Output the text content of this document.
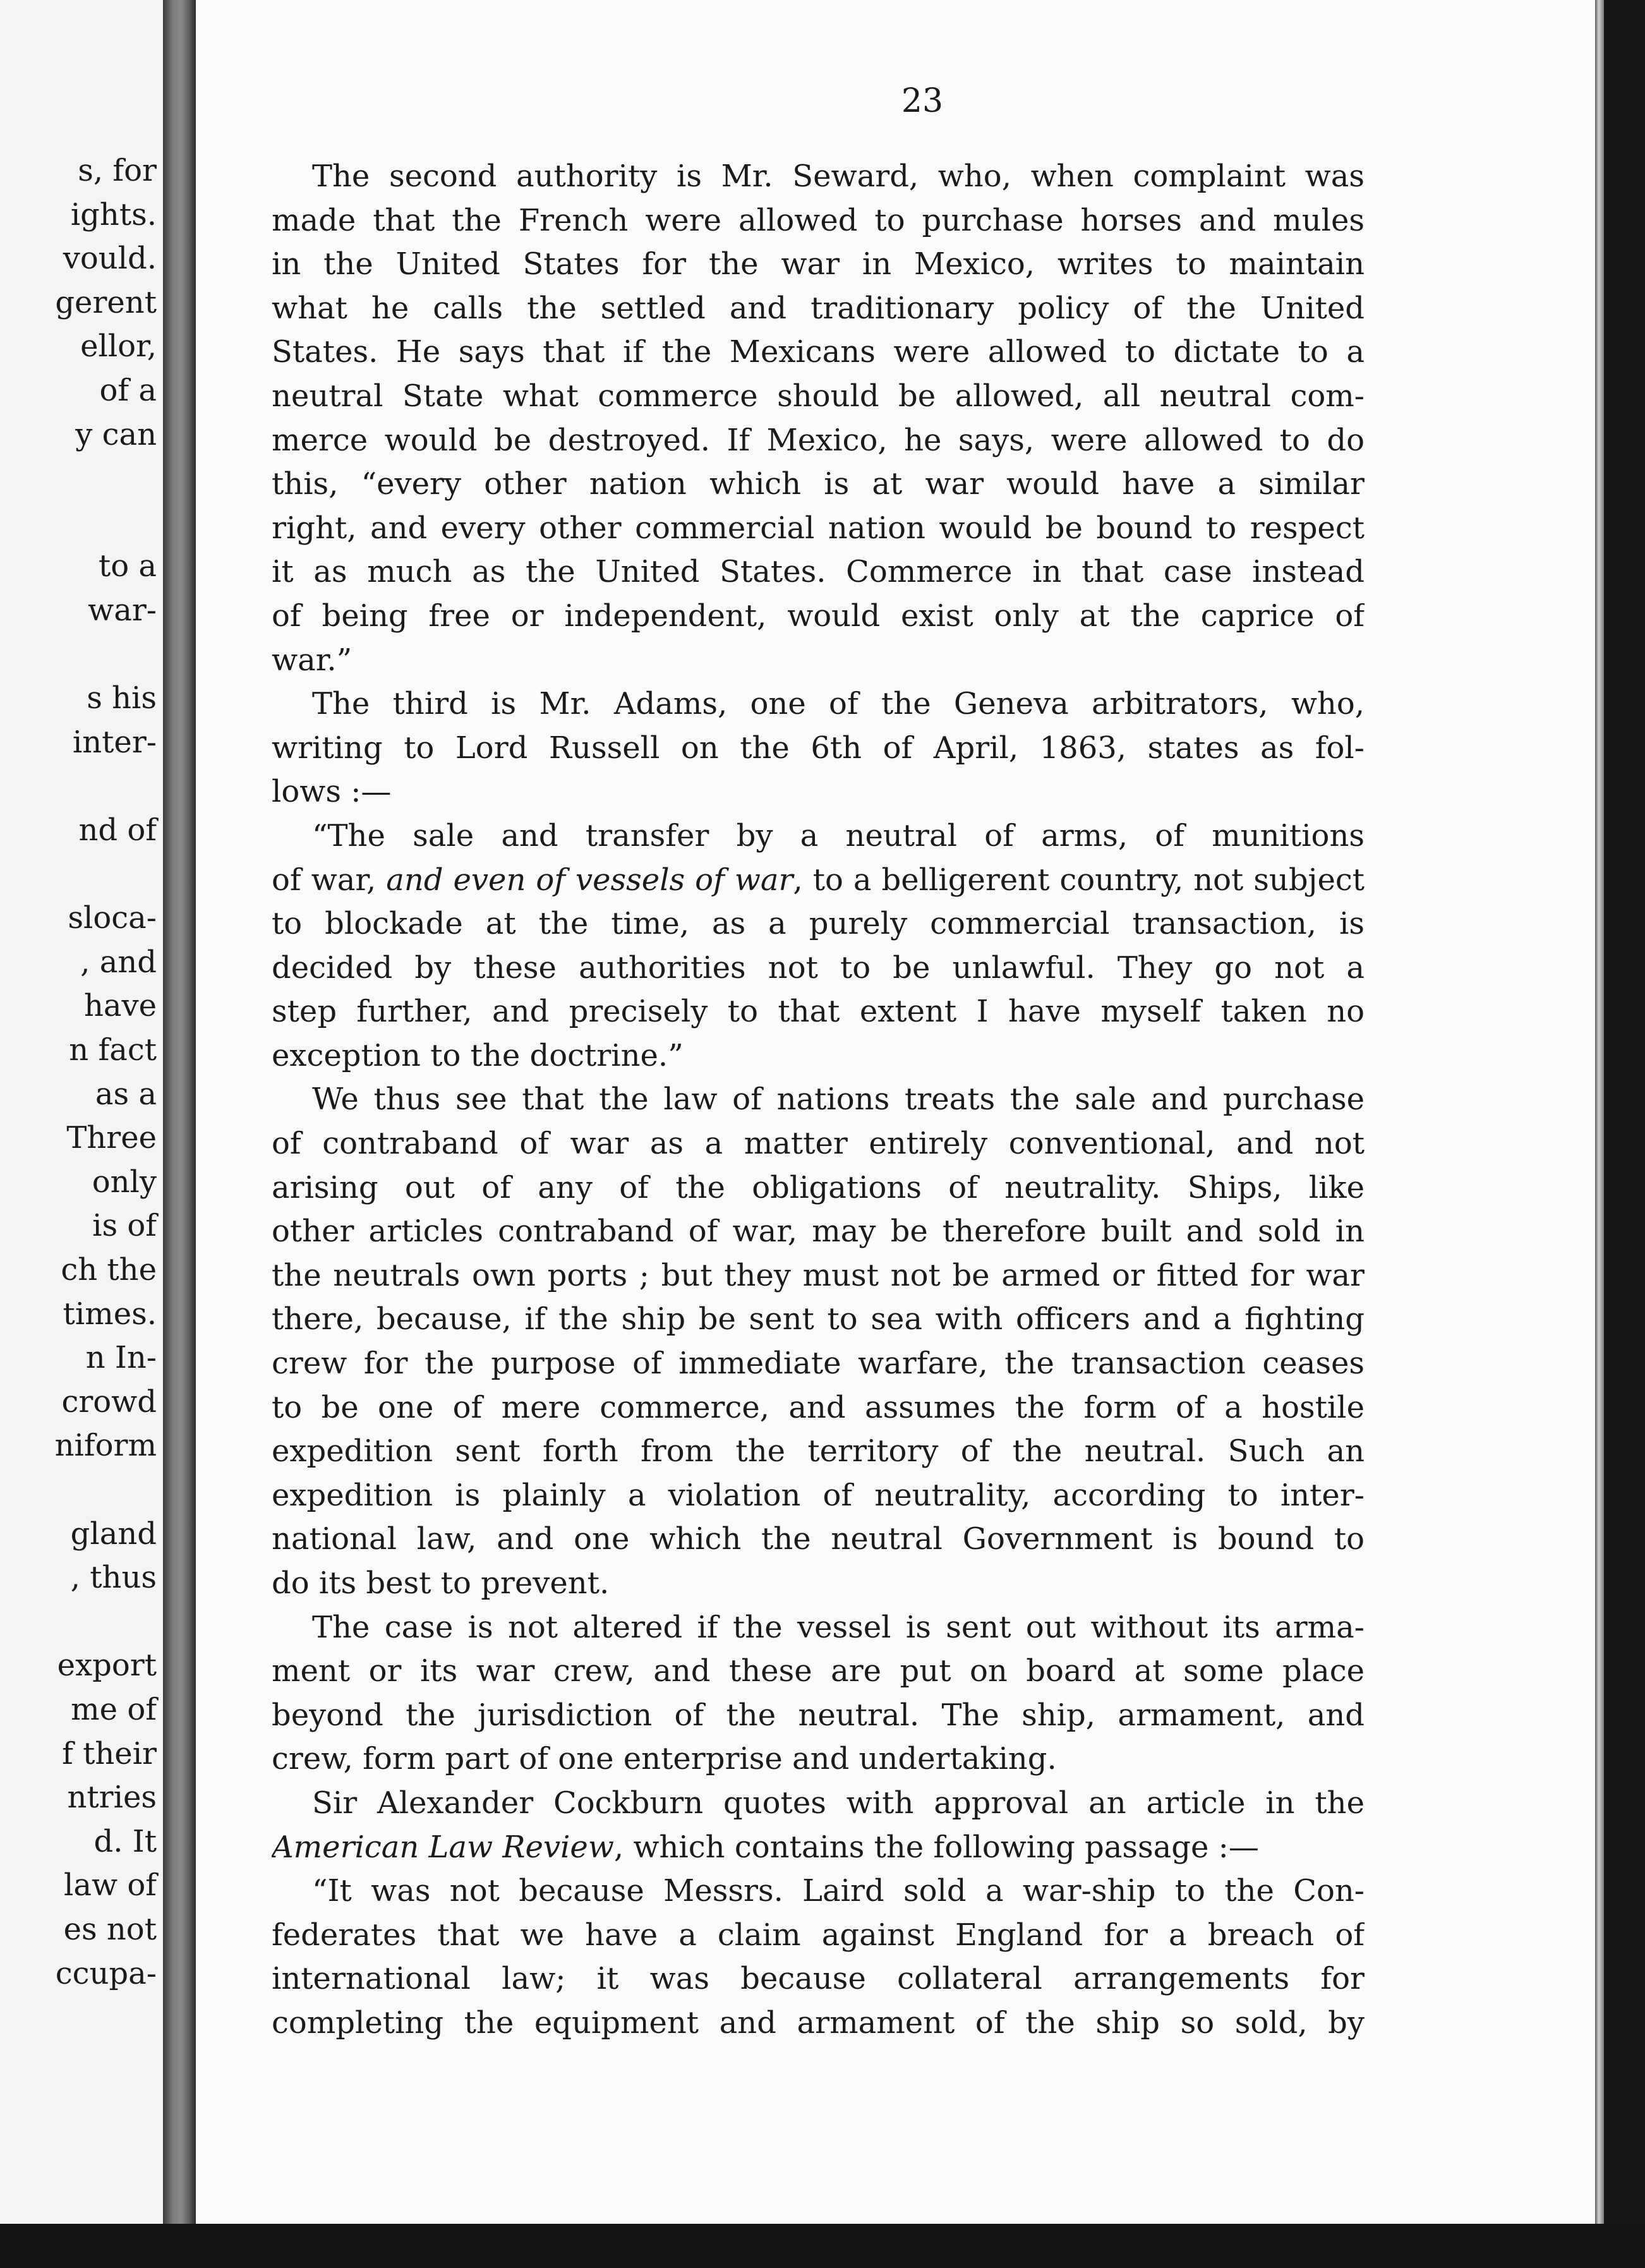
s, for
ights.
vould.
gerent
ellor,
of a
y can
to a
war-
s his
inter-
nd of
sloca-
, and
have
n fact
as a
Three
only
is of
ch the
times.
n In-
crowd
niform
gland
, thus
export
me of
f their
ntries
d. It
law of
es not
ccupa-
23
The second authority is Mr. Seward, who, when complaint was
made that the French were allowed to purchase horses and mules
in the United States for the war in Mexico, writes to maintain
what he calls the settled and traditionary policy of the United
States. He says that if the Mexicans were allowed to dictate to a
neutral State what commerce should be allowed, all neutral com-
merce would be destroyed. If Mexico, he says, were allowed to do
this, “every other nation which is at war would have a similar
right, and every other commercial nation would be bound to respect
it as much as the United States. Commerce in that case instead
of being free or independent, would exist only at the caprice of
war.”
The third is Mr. Adams, one of the Geneva arbitrators, who,
writing to Lord Russell on the 6th of April, 1863, states as fol-
lows :—
“The sale and transfer by a neutral of arms, of munitions
of war, and even of vessels of war, to a belligerent country, not subject
to blockade at the time, as a purely commercial transaction, is
decided by these authorities not to be unlawful. They go not a
step further, and precisely to that extent I have myself taken no
exception to the doctrine.”
We thus see that the law of nations treats the sale and purchase
of contraband of war as a matter entirely conventional, and not
arising out of any of the obligations of neutrality. Ships, like
other articles contraband of war, may be therefore built and sold in
the neutrals own ports ; but they must not be armed or fitted for war
there, because, if the ship be sent to sea with officers and a fighting
crew for the purpose of immediate warfare, the transaction ceases
to be one of mere commerce, and assumes the form of a hostile
expedition sent forth from the territory of the neutral. Such an
expedition is plainly a violation of neutrality, according to inter-
national law, and one which the neutral Government is bound to
do its best to prevent.
The case is not altered if the vessel is sent out without its arma-
ment or its war crew, and these are put on board at some place
beyond the jurisdiction of the neutral. The ship, armament, and
crew, form part of one enterprise and undertaking.
Sir Alexander Cockburn quotes with approval an article in the
American Law Review, which contains the following passage :—
“It was not because Messrs. Laird sold a war-ship to the Con-
federates that we have a claim against England for a breach of
international law; it was because collateral arrangements for
completing the equipment and armament of the ship so sold, by
